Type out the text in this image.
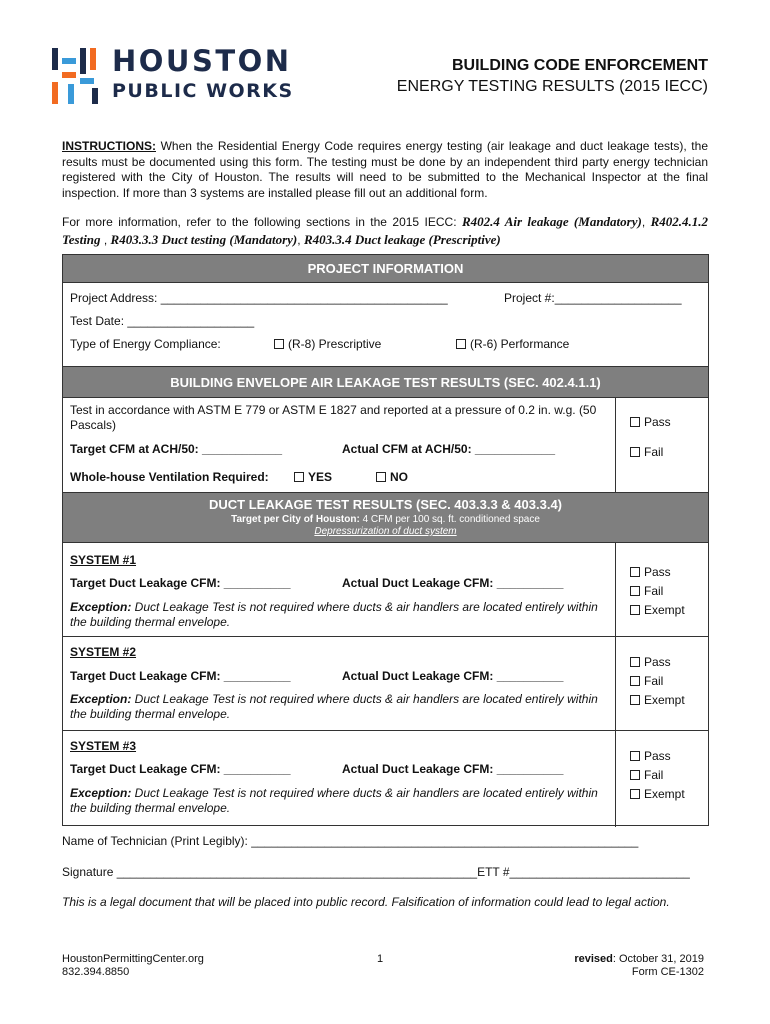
HOUSTON
PUBLIC WORKS
BUILDING CODE ENFORCEMENT
ENERGY TESTING RESULTS (2015 IECC)
INSTRUCTIONS: When the Residential Energy Code requires energy testing (air leakage and duct leakage tests), the results must be documented using this form. The testing must be done by an independent third party energy technician registered with the City of Houston. The results will need to be submitted to the Mechanical Inspector at the final inspection. If more than 3 systems are installed please fill out an additional form.
For more information, refer to the following sections in the 2015 IECC: R402.4 Air leakage (Mandatory), R402.4.1.2 Testing , R403.3.3 Duct testing (Mandatory), R403.3.4 Duct leakage (Prescriptive)
PROJECT INFORMATION
Project Address: ___________________________________________	Project #:___________________
Test Date: ___________________
Type of Energy Compliance:	(R-8) Prescriptive	(R-6) Performance
BUILDING ENVELOPE AIR LEAKAGE TEST RESULTS (SEC. 402.4.1.1)
Test in accordance with ASTM E 779 or ASTM E 1827 and reported at a pressure of 0.2 in. w.g. (50 Pascals)
Target CFM at ACH/50: ____________	Actual CFM at ACH/50: ____________
Whole-house Ventilation Required:	YES	NO
Pass
Fail
DUCT LEAKAGE TEST RESULTS (SEC. 403.3.3 & 403.3.4)
Target per City of Houston: 4 CFM per 100 sq. ft. conditioned space
Depressurization of duct system
SYSTEM #1
Target Duct Leakage CFM: __________	Actual Duct Leakage CFM: __________
Exception: Duct Leakage Test is not required where ducts & air handlers are located entirely within the building thermal envelope.
Pass
Fail
Exempt
SYSTEM #2
Target Duct Leakage CFM: __________	Actual Duct Leakage CFM: __________
Exception: Duct Leakage Test is not required where ducts & air handlers are located entirely within the building thermal envelope.
Pass
Fail
Exempt
SYSTEM #3
Target Duct Leakage CFM: __________	Actual Duct Leakage CFM: __________
Exception: Duct Leakage Test is not required where ducts & air handlers are located entirely within the building thermal envelope.
Pass
Fail
Exempt
Name of Technician (Print Legibly): __________________________________________________________
Signature ______________________________________________________ETT #___________________________
This is a legal document that will be placed into public record. Falsification of information could lead to legal action.
HoustonPermittingCenter.org
832.394.8850
1	revised: October 31, 2019
Form CE-1302
